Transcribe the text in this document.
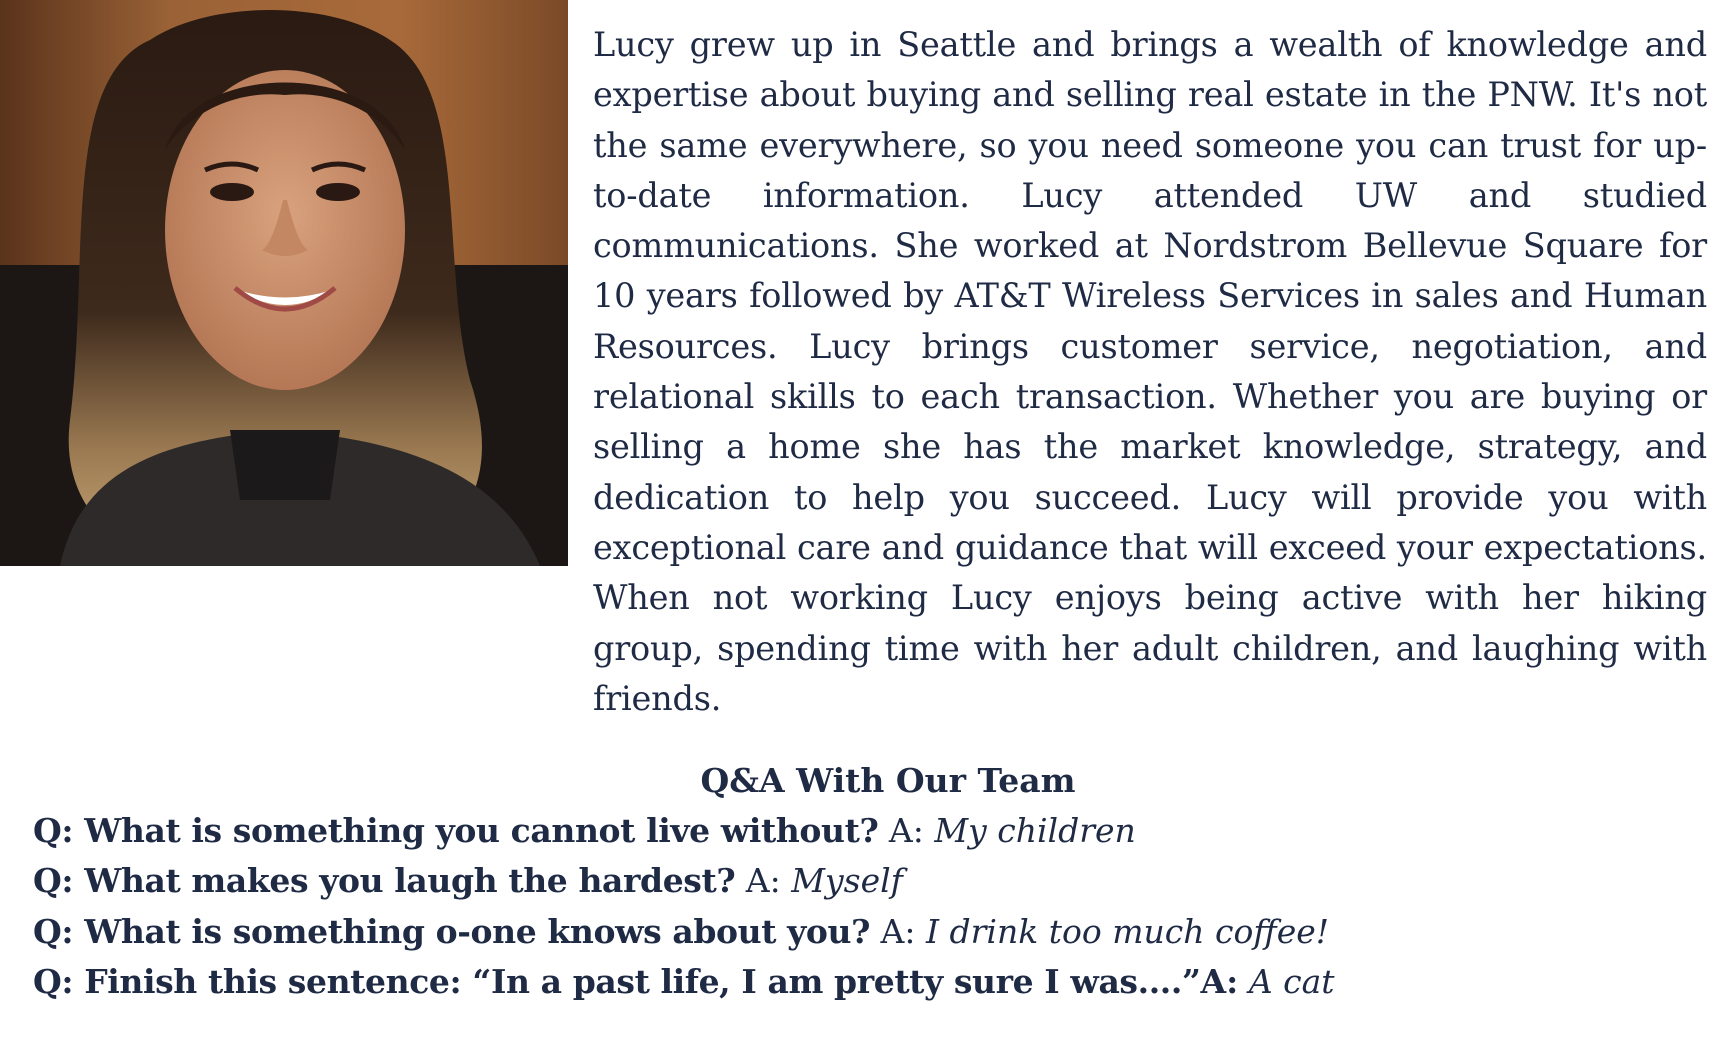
Lucy grew up in Seattle and brings a wealth of knowledge and expertise about buying and selling real estate in the PNW. It's not the same everywhere, so you need someone you can trust for up-to-date information. Lucy attended UW and studied communications. She worked at Nordstrom Bellevue Square for 10 years followed by AT&T Wireless Services in sales and Human Resources. Lucy brings customer service, negotiation, and relational skills to each transaction. Whether you are buying or selling a home she has the market knowledge, strategy, and dedication to help you succeed. Lucy will provide you with exceptional care and guidance that will exceed your expectations. When not working Lucy enjoys being active with her hiking group, spending time with her adult children, and laughing with friends.

Q&A With Our Team
Q: What is something you cannot live without? A: My children
Q: What makes you laugh the hardest? A: Myself
Q: What is something o-one knows about you? A: I drink too much coffee!
Q: Finish this sentence: “In a past life, I am pretty sure I was....”A: A cat
